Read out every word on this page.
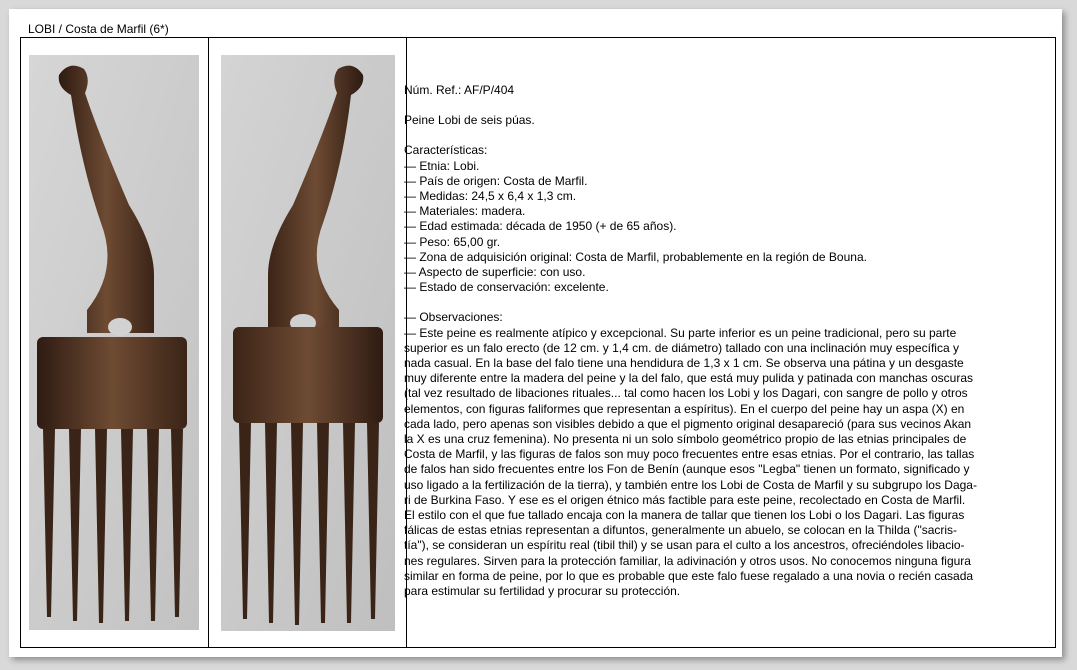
LOBI / Costa de Marfil (6*)

Núm. Ref.: AF/P/404

Peine Lobi de seis púas.

Características:

— Etnia: Lobi.

— País de origen: Costa de Marfil.

— Medidas: 24,5 x 6,4 x 1,3 cm.

— Materiales: madera.

— Edad estimada: década de 1950 (+ de 65 años).

— Peso: 65,00 gr.

— Zona de adquisición original: Costa de Marfil, probablemente en la región de Bouna.

— Aspecto de superficie: con uso.

— Estado de conservación: excelente.

— Observaciones:

— Este peine es realmente atípico y excepcional. Su parte inferior es un peine tradicional, pero su parte

superior es un falo erecto (de 12 cm. y 1,4 cm. de diámetro) tallado con una inclinación muy específica y

nada casual. En la base del falo tiene una hendidura de 1,3 x 1 cm. Se observa una pátina y un desgaste

muy diferente entre la madera del peine y la del falo, que está muy pulida y patinada con manchas oscuras

(tal vez resultado de libaciones rituales... tal como hacen los Lobi y los Dagari, con sangre de pollo y otros

elementos, con figuras faliformes que representan a espíritus). En el cuerpo del peine hay un aspa (X) en

cada lado, pero apenas son visibles debido a que el pigmento original desapareció (para sus vecinos Akan

la X es una cruz femenina). No presenta ni un solo símbolo geométrico propio de las etnias principales de

Costa de Marfil, y las figuras de falos son muy poco frecuentes entre esas etnias. Por el contrario, las tallas

de falos han sido frecuentes entre los Fon de Benín (aunque esos "Legba" tienen un formato, significado y

uso ligado a la fertilización de la tierra), y también entre los Lobi de Costa de Marfil y su subgrupo los Daga-

ri de Burkina Faso. Y ese es el origen étnico más factible para este peine, recolectado en Costa de Marfil.

El estilo con el que fue tallado encaja con la manera de tallar que tienen los Lobi o los Dagari. Las figuras

fálicas de estas etnias representan a difuntos, generalmente un abuelo, se colocan en la Thilda ("sacris-

tía"), se consideran un espíritu real (tibil thil) y se usan para el culto a los ancestros, ofreciéndoles libacio-

nes regulares. Sirven para la protección familiar, la adivinación y otros usos. No conocemos ninguna figura

similar en forma de peine, por lo que es probable que este falo fuese regalado a una novia o recién casada

para estimular su fertilidad y procurar su protección.
